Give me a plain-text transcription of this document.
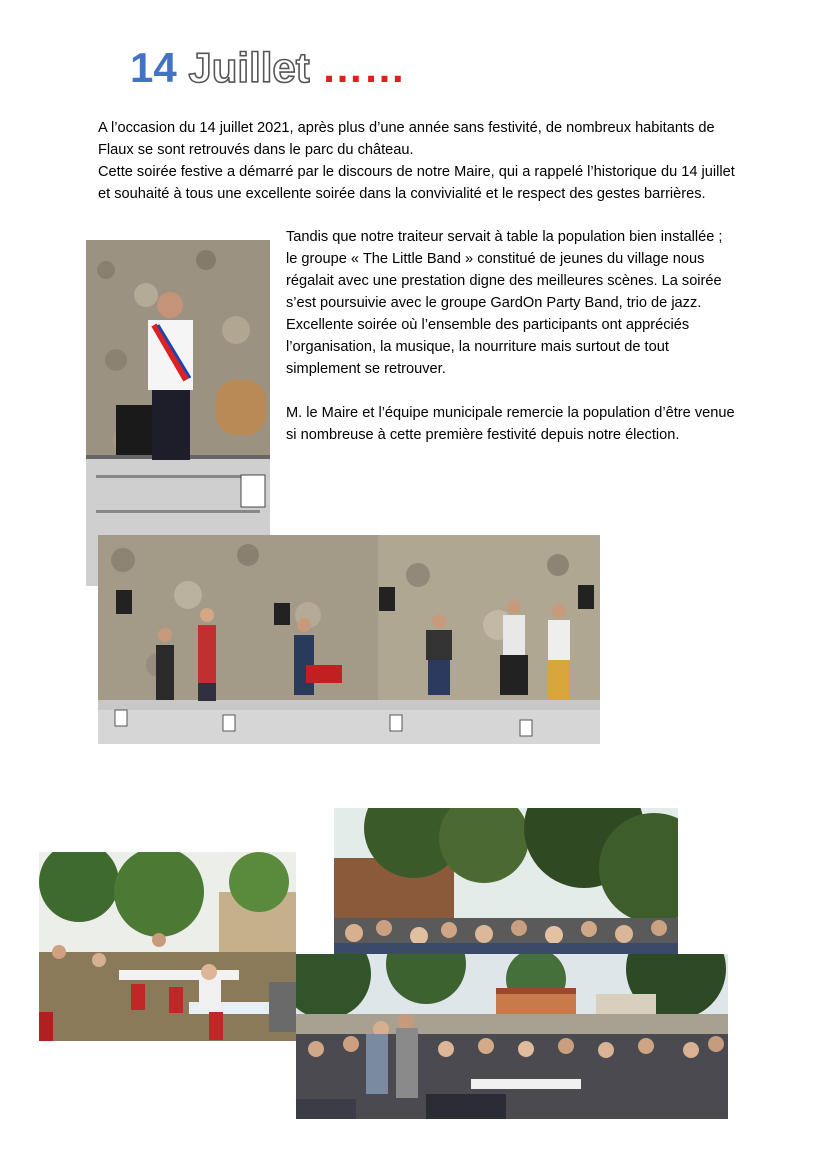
14 Juillet ……
A l’occasion du 14 juillet 2021, après plus d’une année sans festivité, de nombreux habitants de Flaux se sont retrouvés dans le parc du château.
Cette soirée festive a démarré par le discours de notre Maire, qui a rappelé l’historique du 14 juillet et souhaité à tous une excellente soirée dans la convivialité et le respect des gestes barrières.
Tandis que notre traiteur servait à table la population bien installée ; le groupe « The Little Band » constitué de jeunes du village nous régalait avec une prestation digne des meilleures scènes. La soirée s’est poursuivie avec le groupe GardOn Party Band, trio de jazz.
Excellente soirée où l’ensemble des participants ont appréciés l’organisation, la musique, la nourriture mais surtout de tout simplement se retrouver.
M. le Maire et l’équipe municipale remercie la population d’être venue si nombreuse à cette première festivité depuis notre élection.
